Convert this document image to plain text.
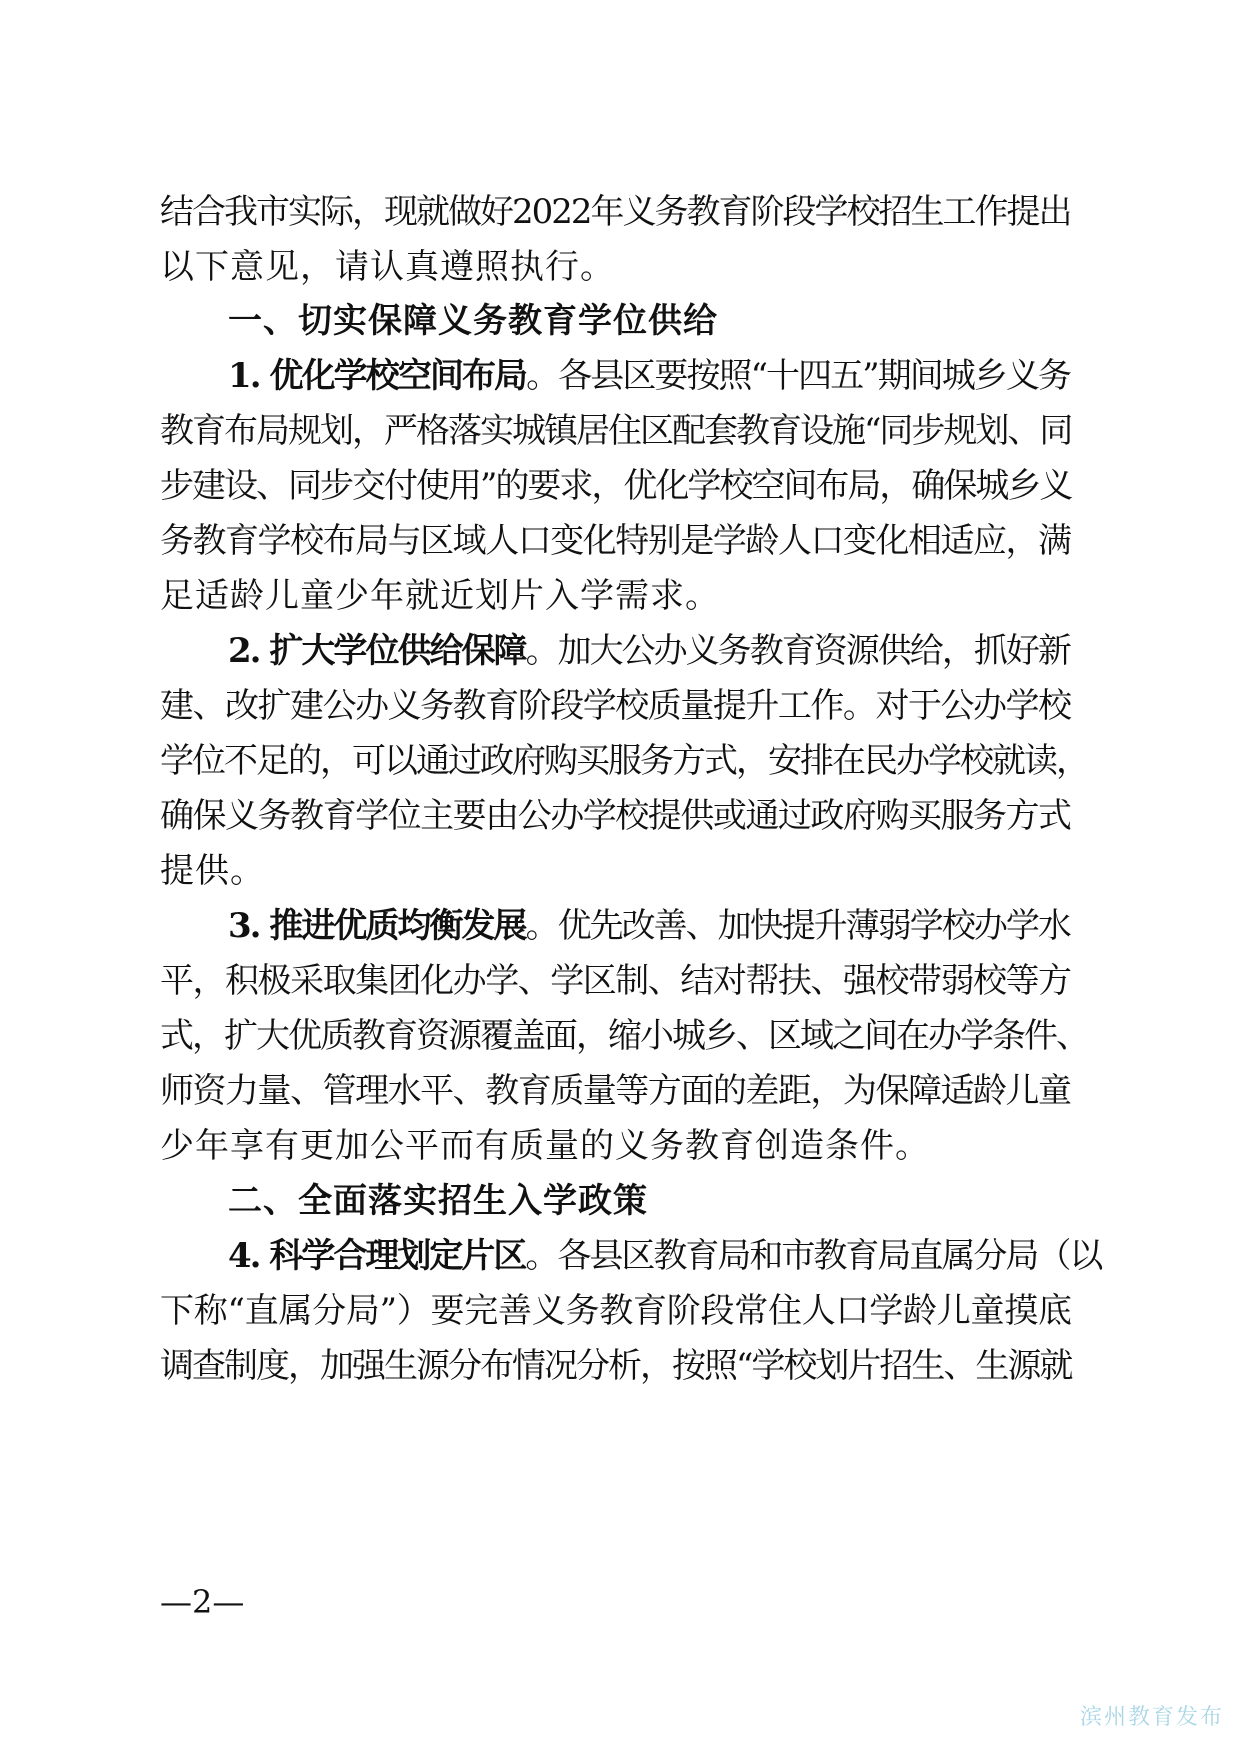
结合我市实际，现就做好2022年义务教育阶段学校招生工作提出
以下意见，请认真遵照执行。
一、切实保障义务教育学位供给
1. 优化学校空间布局。各县区要按照“十四五”期间城乡义务
教育布局规划，严格落实城镇居住区配套教育设施“同步规划、同
步建设、同步交付使用”的要求，优化学校空间布局，确保城乡义
务教育学校布局与区域人口变化特别是学龄人口变化相适应，满
足适龄儿童少年就近划片入学需求。
2. 扩大学位供给保障。加大公办义务教育资源供给，抓好新
建、改扩建公办义务教育阶段学校质量提升工作。对于公办学校
学位不足的，可以通过政府购买服务方式，安排在民办学校就读，
确保义务教育学位主要由公办学校提供或通过政府购买服务方式
提供。
3. 推进优质均衡发展。优先改善、加快提升薄弱学校办学水
平，积极采取集团化办学、学区制、结对帮扶、强校带弱校等方
式，扩大优质教育资源覆盖面，缩小城乡、区域之间在办学条件、
师资力量、管理水平、教育质量等方面的差距，为保障适龄儿童
少年享有更加公平而有质量的义务教育创造条件。
二、全面落实招生入学政策
4. 科学合理划定片区。各县区教育局和市教育局直属分局（以
下称“直属分局”）要完善义务教育阶段常住人口学龄儿童摸底
调查制度，加强生源分布情况分析，按照“学校划片招生、生源就
—2—
滨州教育发布
